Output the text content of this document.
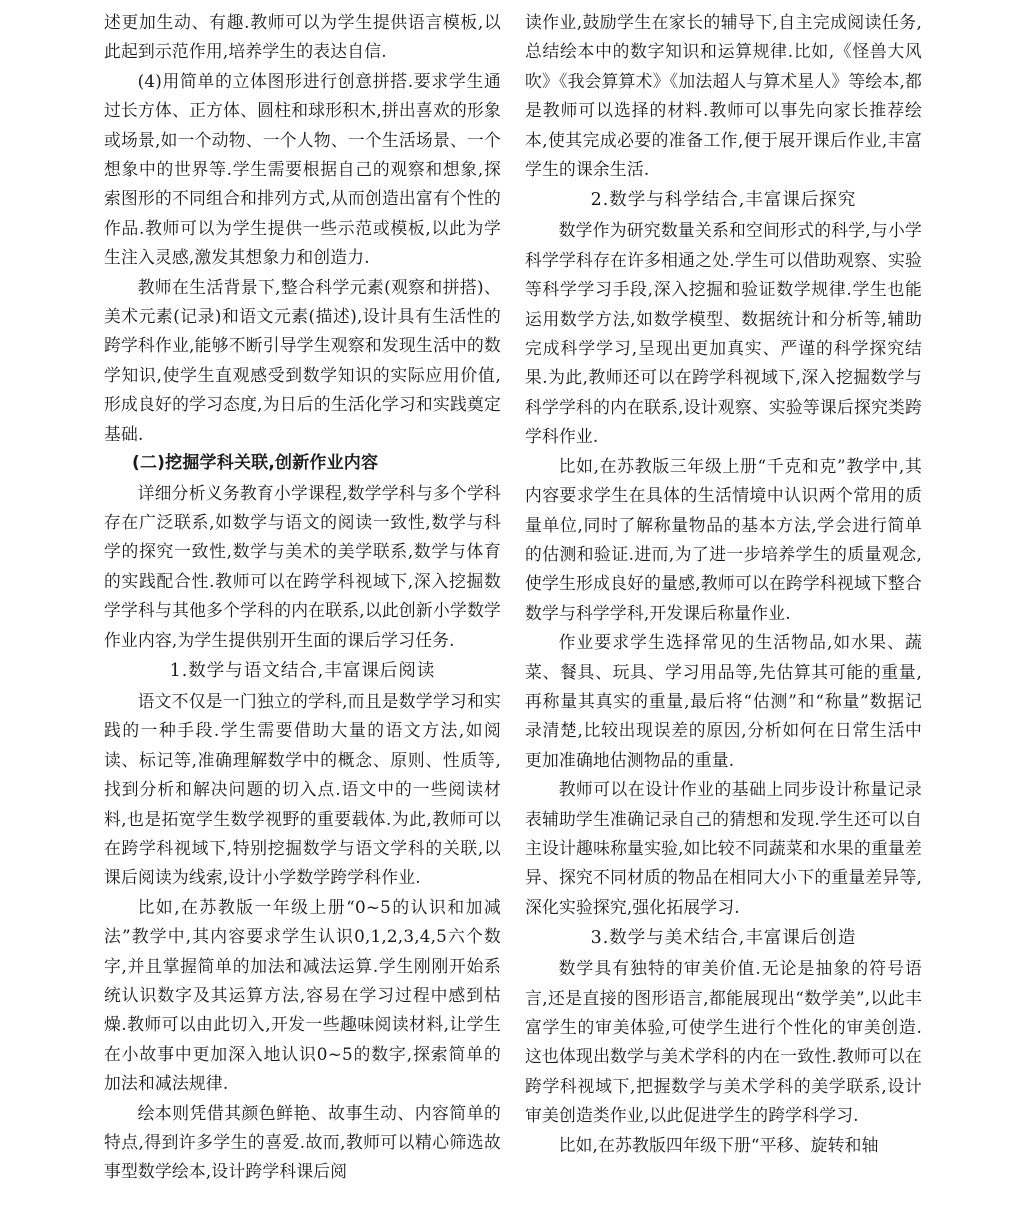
述更加生动、有趣.教师可以为学生提供语言模板,以此起到示范作用,培养学生的表达自信.

(4)用简单的立体图形进行创意拼搭.要求学生通过长方体、正方体、圆柱和球形积木,拼出喜欢的形象或场景,如一个动物、一个人物、一个生活场景、一个想象中的世界等.学生需要根据自己的观察和想象,探索图形的不同组合和排列方式,从而创造出富有个性的作品.教师可以为学生提供一些示范或模板,以此为学生注入灵感,激发其想象力和创造力.

教师在生活背景下,整合科学元素(观察和拼搭)、美术元素(记录)和语文元素(描述),设计具有生活性的跨学科作业,能够不断引导学生观察和发现生活中的数学知识,使学生直观感受到数学知识的实际应用价值,形成良好的学习态度,为日后的生活化学习和实践奠定基础.

(二)挖掘学科关联,创新作业内容

详细分析义务教育小学课程,数学学科与多个学科存在广泛联系,如数学与语文的阅读一致性,数学与科学的探究一致性,数学与美术的美学联系,数学与体育的实践配合性.教师可以在跨学科视域下,深入挖掘数学学科与其他多个学科的内在联系,以此创新小学数学作业内容,为学生提供别开生面的课后学习任务.

1.数学与语文结合,丰富课后阅读

语文不仅是一门独立的学科,而且是数学学习和实践的一种手段.学生需要借助大量的语文方法,如阅读、标记等,准确理解数学中的概念、原则、性质等,找到分析和解决问题的切入点.语文中的一些阅读材料,也是拓宽学生数学视野的重要载体.为此,教师可以在跨学科视域下,特别挖掘数学与语文学科的关联,以课后阅读为线索,设计小学数学跨学科作业.

比如,在苏教版一年级上册“0~5的认识和加减法”教学中,其内容要求学生认识0,1,2,3,4,5六个数字,并且掌握简单的加法和减法运算.学生刚刚开始系统认识数字及其运算方法,容易在学习过程中感到枯燥.教师可以由此切入,开发一些趣味阅读材料,让学生在小故事中更加深入地认识0~5的数字,探索简单的加法和减法规律.

绘本则凭借其颜色鲜艳、故事生动、内容简单的特点,得到许多学生的喜爱.故而,教师可以精心筛选故事型数学绘本,设计跨学科课后阅

读作业,鼓励学生在家长的辅导下,自主完成阅读任务,总结绘本中的数字知识和运算规律.比如,《怪兽大风吹》《我会算算术》《加法超人与算术星人》等绘本,都是教师可以选择的材料.教师可以事先向家长推荐绘本,使其完成必要的准备工作,便于展开课后作业,丰富学生的课余生活.

2.数学与科学结合,丰富课后探究

数学作为研究数量关系和空间形式的科学,与小学科学学科存在许多相通之处.学生可以借助观察、实验等科学学习手段,深入挖掘和验证数学规律.学生也能运用数学方法,如数学模型、数据统计和分析等,辅助完成科学学习,呈现出更加真实、严谨的科学探究结果.为此,教师还可以在跨学科视域下,深入挖掘数学与科学学科的内在联系,设计观察、实验等课后探究类跨学科作业.

比如,在苏教版三年级上册“千克和克”教学中,其内容要求学生在具体的生活情境中认识两个常用的质量单位,同时了解称量物品的基本方法,学会进行简单的估测和验证.进而,为了进一步培养学生的质量观念,使学生形成良好的量感,教师可以在跨学科视域下整合数学与科学学科,开发课后称量作业.

作业要求学生选择常见的生活物品,如水果、蔬菜、餐具、玩具、学习用品等,先估算其可能的重量,再称量其真实的重量,最后将“估测”和“称量”数据记录清楚,比较出现误差的原因,分析如何在日常生活中更加准确地估测物品的重量.

教师可以在设计作业的基础上同步设计称量记录表辅助学生准确记录自己的猜想和发现.学生还可以自主设计趣味称量实验,如比较不同蔬菜和水果的重量差异、探究不同材质的物品在相同大小下的重量差异等,深化实验探究,强化拓展学习.

3.数学与美术结合,丰富课后创造

数学具有独特的审美价值.无论是抽象的符号语言,还是直接的图形语言,都能展现出“数学美”,以此丰富学生的审美体验,可使学生进行个性化的审美创造.这也体现出数学与美术学科的内在一致性.教师可以在跨学科视域下,把握数学与美术学科的美学联系,设计审美创造类作业,以此促进学生的跨学科学习.

比如,在苏教版四年级下册“平移、旋转和轴
